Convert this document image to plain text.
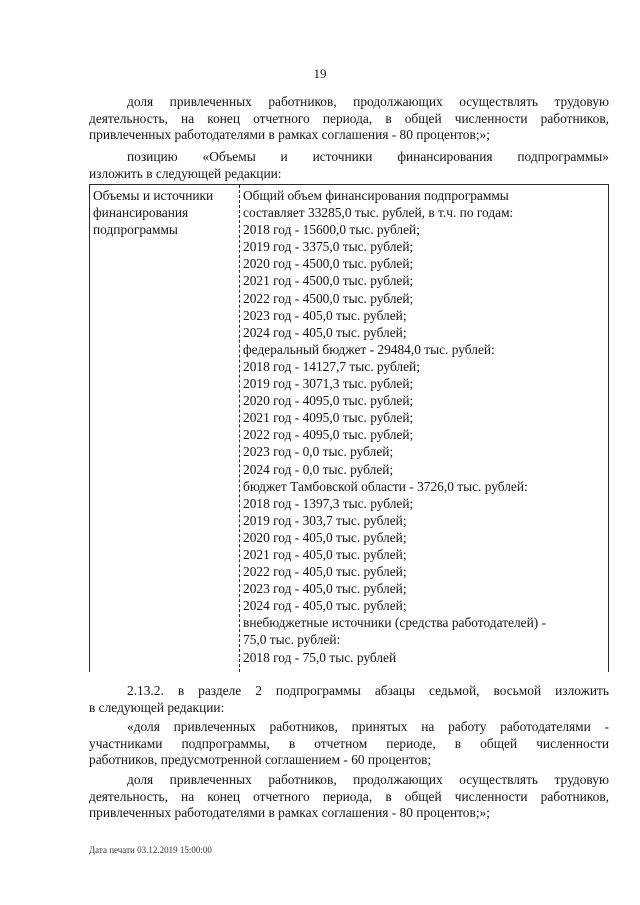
19
доля привлеченных работников, продолжающих осуществлять трудовую
деятельность, на конец отчетного периода, в общей численности работников,
привлеченных работодателями в рамках соглашения - 80 процентов;»;
позицию «Объемы и источники финансирования подпрограммы»
изложить в следующей редакции:
Объемы и источники
финансирования
подпрограммы
Общий объем финансирования подпрограммы
составляет 33285,0 тыс. рублей, в т.ч. по годам:
2018 год - 15600,0 тыс. рублей;
2019 год - 3375,0 тыс. рублей;
2020 год - 4500,0 тыс. рублей;
2021 год - 4500,0 тыс. рублей;
2022 год - 4500,0 тыс. рублей;
2023 год - 405,0 тыс. рублей;
2024 год - 405,0 тыс. рублей;
федеральный бюджет - 29484,0 тыс. рублей:
2018 год - 14127,7 тыс. рублей;
2019 год - 3071,3 тыс. рублей;
2020 год - 4095,0 тыс. рублей;
2021 год - 4095,0 тыс. рублей;
2022 год - 4095,0 тыс. рублей;
2023 год - 0,0 тыс. рублей;
2024 год - 0,0 тыс. рублей;
бюджет Тамбовской области - 3726,0 тыс. рублей:
2018 год - 1397,3 тыс. рублей;
2019 год - 303,7 тыс. рублей;
2020 год - 405,0 тыс. рублей;
2021 год - 405,0 тыс. рублей;
2022 год - 405,0 тыс. рублей;
2023 год - 405,0 тыс. рублей;
2024 год - 405,0 тыс. рублей;
внебюджетные источники (средства работодателей) -
75,0 тыс. рублей:
2018 год - 75,0 тыс. рублей
2.13.2. в разделе 2 подпрограммы абзацы седьмой, восьмой изложить
в следующей редакции:
«доля привлеченных работников, принятых на работу работодателями -
участниками подпрограммы, в отчетном периоде, в общей численности
работников, предусмотренной соглашением - 60 процентов;
доля привлеченных работников, продолжающих осуществлять трудовую
деятельность, на конец отчетного периода, в общей численности работников,
привлеченных работодателями в рамках соглашения - 80 процентов;»;
Дата печати 03.12.2019 15:00:00
